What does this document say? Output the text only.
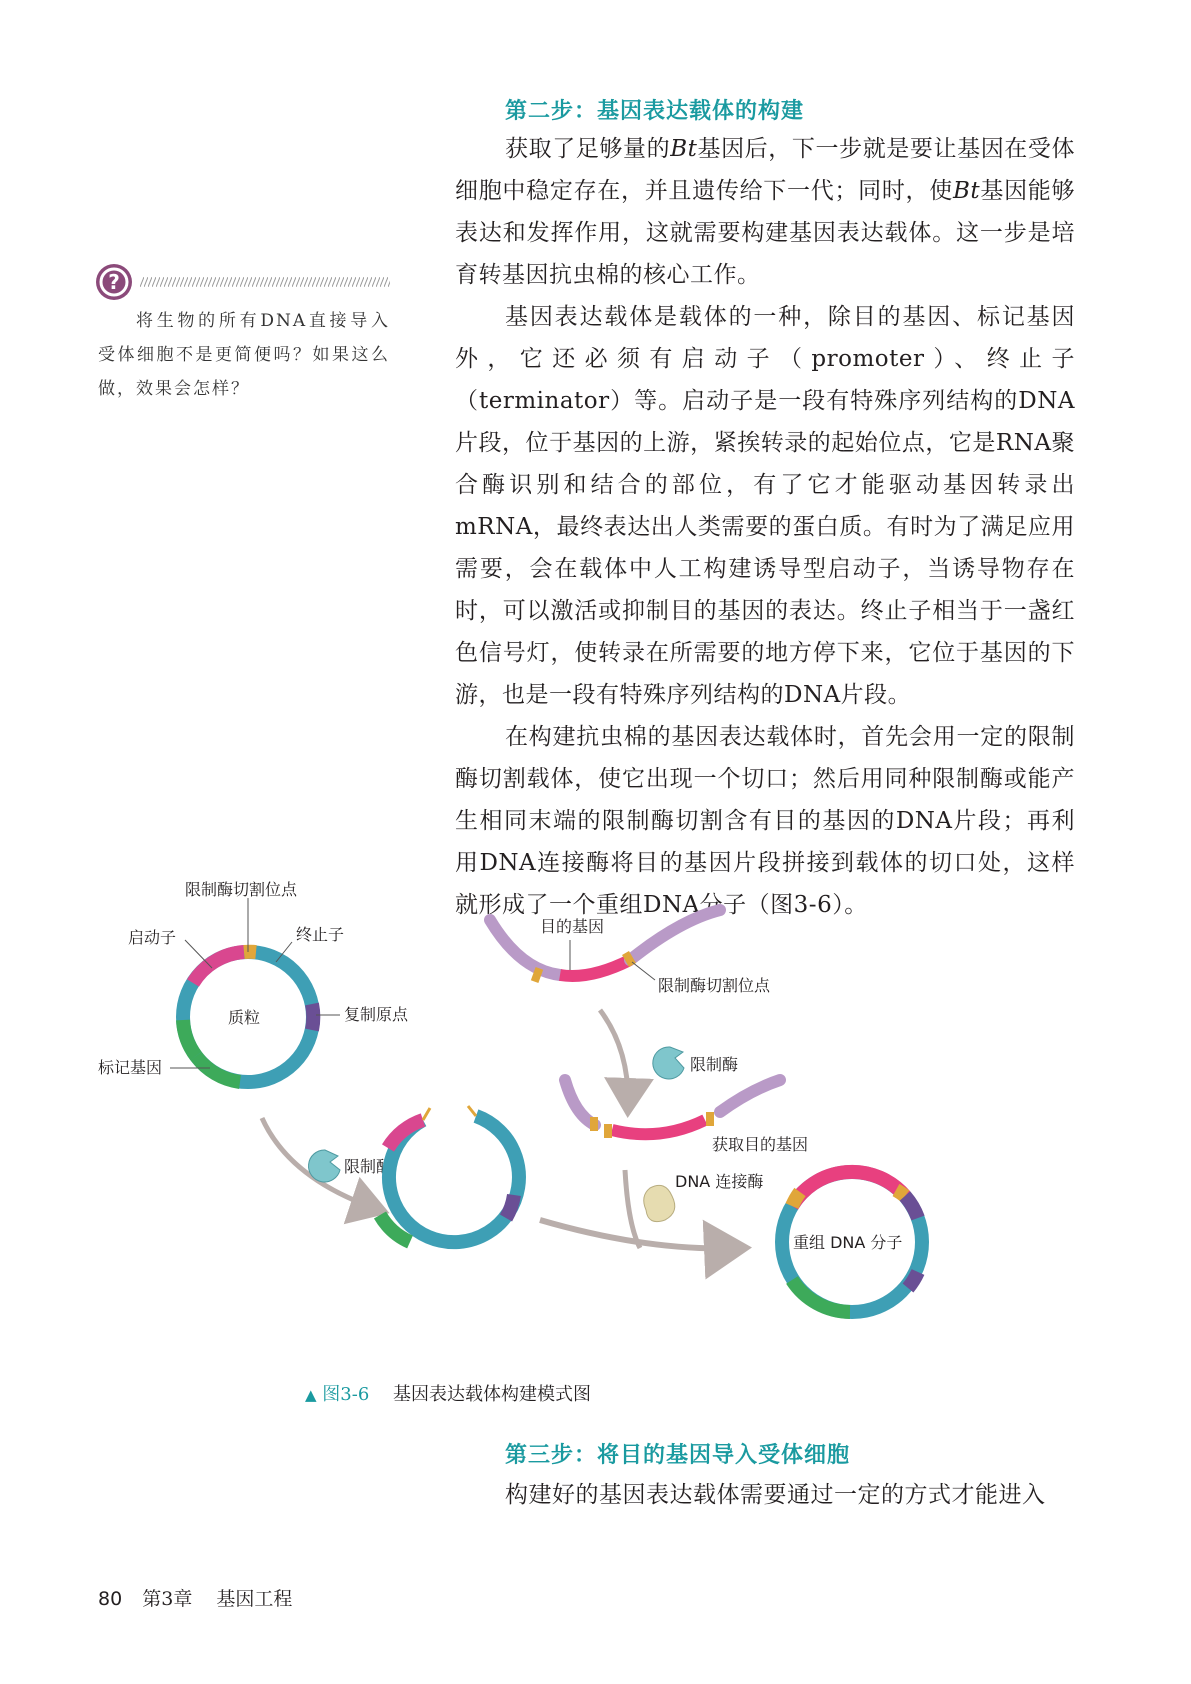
第二步：基因表达载体的构建

获取了足够量的Bt基因后，下一步就是要让基因在受体细胞中稳定存在，并且遗传给下一代；同时，使Bt基因能够表达和发挥作用，这就需要构建基因表达载体。这一步是培育转基因抗虫棉的核心工作。

基因表达载体是载体的一种，除目的基因、标记基因外，它还必须有启动子（promoter）、终止子（terminator）等。启动子是一段有特殊序列结构的DNA片段，位于基因的上游，紧挨转录的起始位点，它是RNA聚合酶识别和结合的部位，有了它才能驱动基因转录出mRNA，最终表达出人类需要的蛋白质。有时为了满足应用需要，会在载体中人工构建诱导型启动子，当诱导物存在时，可以激活或抑制目的基因的表达。终止子相当于一盏红色信号灯，使转录在所需要的地方停下来，它位于基因的下游，也是一段有特殊序列结构的DNA片段。

在构建抗虫棉的基因表达载体时，首先会用一定的限制酶切割载体，使它出现一个切口；然后用同种限制酶或能产生相同末端的限制酶切割含有目的基因的DNA片段；再利用DNA连接酶将目的基因片段拼接到载体的切口处，这样就形成了一个重组DNA分子（图3-6）。

?

将生物的所有DNA直接导入受体细胞不是更简便吗？如果这么做，效果会怎样？

质粒
限制酶切割位点
启动子	终止子
复制原点
标记基因
限制酶
目的基因
限制酶切割位点
限制酶
获取目的基因
DNA 连接酶
重组 DNA 分子
▲ 图3-6 基因表达载体构建模式图
第三步：将目的基因导入受体细胞

构建好的基因表达载体需要通过一定的方式才能进入

80 第3章 基因工程
